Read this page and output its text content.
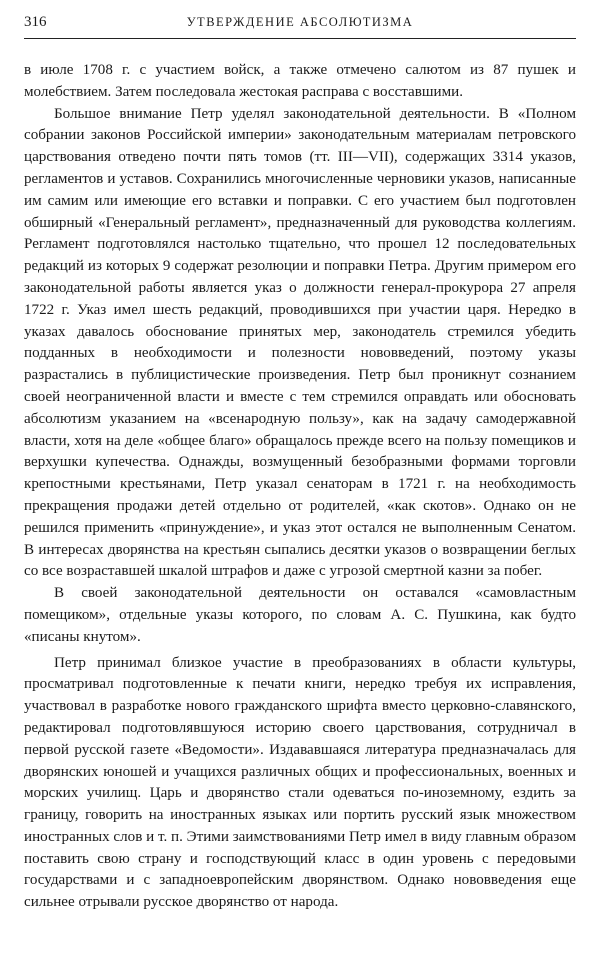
316	УТВЕРЖДЕНИЕ АБСОЛЮТИЗМА

в июле 1708 г. с участием войск, а также отмечено салютом из 87 пушек и молебствием. Затем последовала жестокая расправа с восставшими.

Большое внимание Петр уделял законодательной деятельности. В «Полном собрании законов Российской империи» законодательным материалам петровского царствования отведено почти пять томов (тт. III—VII), содержащих 3314 указов, регламентов и уставов. Сохранились многочисленные черновики указов, написанные им самим или имеющие его вставки и поправки. С его участием был подготовлен обширный «Генеральный регламент», предназначенный для руководства коллегиям. Регламент подготовлялся настолько тщательно, что прошел 12 последовательных редакций из которых 9 содержат резолюции и поправки Петра. Другим примером его законодательной работы является указ о должности генерал-прокурора 27 апреля 1722 г. Указ имел шесть редакций, проводившихся при участии царя. Нередко в указах давалось обоснование принятых мер, законодатель стремился убедить подданных в необходимости и полезности нововведений, поэтому указы разрастались в публицистические произведения. Петр был проникнут сознанием своей неограниченной власти и вместе с тем стремился оправдать или обосновать абсолютизм указанием на «всенародную пользу», как на задачу самодержавной власти, хотя на деле «общее благо» обращалось прежде всего на пользу помещиков и верхушки купечества. Однажды, возмущенный безобразными формами торговли крепостными крестьянами, Петр указал сенаторам в 1721 г. на необходимость прекращения продажи детей отдельно от родителей, «как скотов». Однако он не решился применить «принуждение», и указ этот остался не выполненным Сенатом. В интересах дворянства на крестьян сыпались десятки указов о возвращении беглых со все возраставшей шкалой штрафов и даже с угрозой смертной казни за побег.

В своей законодательной деятельности он оставался «самовластным помещиком», отдельные указы которого, по словам А. С. Пушкина, как будто «писаны кнутом».

Петр принимал близкое участие в преобразованиях в области культуры, просматривал подготовленные к печати книги, нередко требуя их исправления, участвовал в разработке нового гражданского шрифта вместо церковно-славянского, редактировал подготовлявшуюся историю своего царствования, сотрудничал в первой русской газете «Ведомости». Издававшаяся литература предназначалась для дворянских юношей и учащихся различных общих и профессиональных, военных и морских училищ. Царь и дворянство стали одеваться по-иноземному, ездить за границу, говорить на иностранных языках или портить русский язык множеством иностранных слов и т. п. Этими заимствованиями Петр имел в виду главным образом поставить свою страну и господствующий класс в один уровень с передовыми государствами и с западноевропейским дворянством. Однако нововведения еще сильнее отрывали русское дворянство от народа.
